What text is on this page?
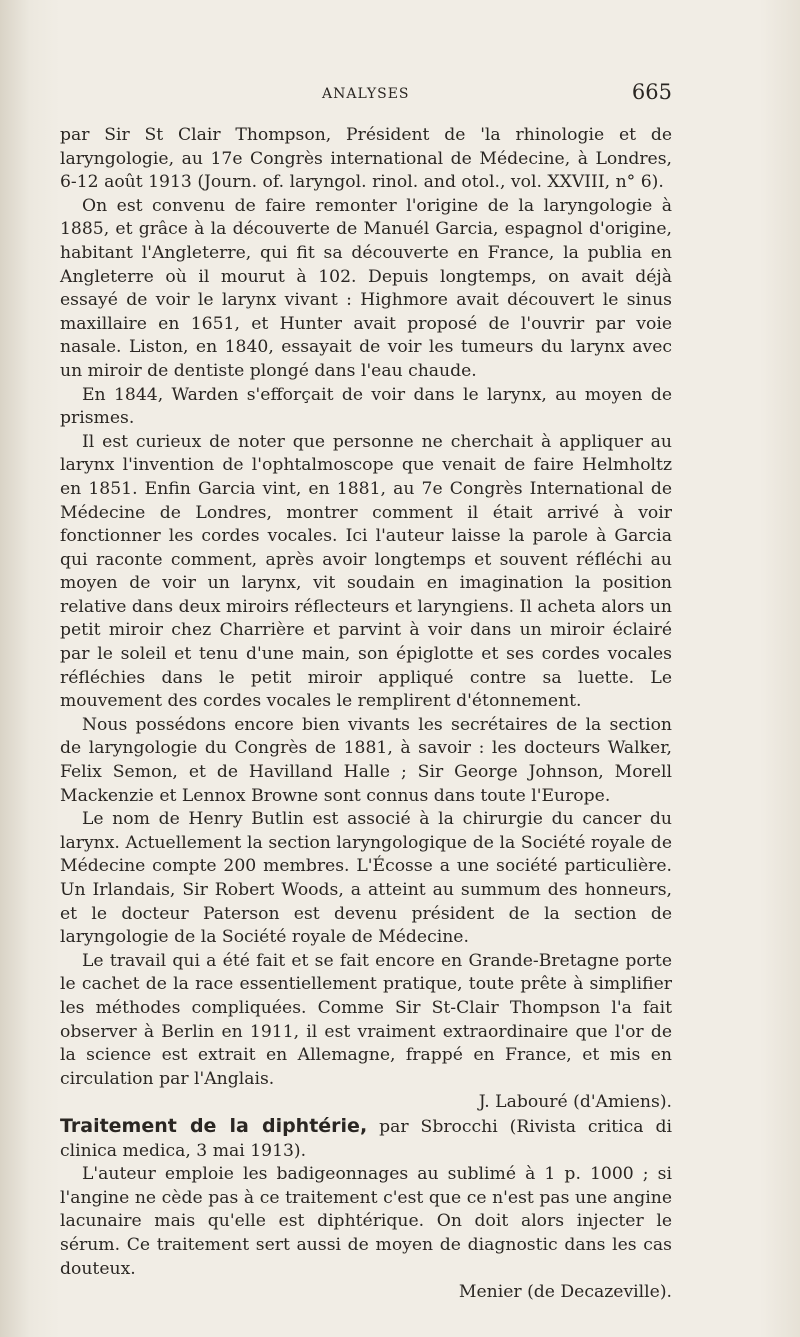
ANALYSES	665

par Sir St Clair Thompson, Président de 'la rhinologie et de laryngologie, au 17e Congrès international de Médecine, à Londres, 6-12 août 1913 (Journ. of. laryngol. rinol. and otol., vol. XXVIII, n° 6).

On est convenu de faire remonter l'origine de la laryngologie à 1885, et grâce à la découverte de Manuél Garcia, espagnol d'origine, habitant l'Angleterre, qui fit sa découverte en France, la publia en Angleterre où il mourut à 102. Depuis longtemps, on avait déjà essayé de voir le larynx vivant : Highmore avait découvert le sinus maxillaire en 1651, et Hunter avait proposé de l'ouvrir par voie nasale. Liston, en 1840, essayait de voir les tumeurs du larynx avec un miroir de dentiste plongé dans l'eau chaude.

En 1844, Warden s'efforçait de voir dans le larynx, au moyen de prismes.

Il est curieux de noter que personne ne cherchait à appliquer au larynx l'invention de l'ophtalmoscope que venait de faire Helmholtz en 1851. Enfin Garcia vint, en 1881, au 7e Congrès International de Médecine de Londres, montrer comment il était arrivé à voir fonctionner les cordes vocales. Ici l'auteur laisse la parole à Garcia qui raconte comment, après avoir longtemps et souvent réfléchi au moyen de voir un larynx, vit soudain en imagination la position relative dans deux miroirs réflecteurs et laryngiens. Il acheta alors un petit miroir chez Charrière et parvint à voir dans un miroir éclairé par le soleil et tenu d'une main, son épiglotte et ses cordes vocales réfléchies dans le petit miroir appliqué contre sa luette. Le mouvement des cordes vocales le remplirent d'étonnement.

Nous possédons encore bien vivants les secrétaires de la section de laryngologie du Congrès de 1881, à savoir : les docteurs Walker, Felix Semon, et de Havilland Halle ; Sir George Johnson, Morell Mackenzie et Lennox Browne sont connus dans toute l'Europe.

Le nom de Henry Butlin est associé à la chirurgie du cancer du larynx. Actuellement la section laryngologique de la Société royale de Médecine compte 200 membres. L'Écosse a une société particulière. Un Irlandais, Sir Robert Woods, a atteint au summum des honneurs, et le docteur Paterson est devenu président de la section de laryngologie de la Société royale de Médecine.

Le travail qui a été fait et se fait encore en Grande-Bretagne porte le cachet de la race essentiellement pratique, toute prête à simplifier les méthodes compliquées. Comme Sir St-Clair Thompson l'a fait observer à Berlin en 1911, il est vraiment extraordinaire que l'or de la science est extrait en Allemagne, frappé en France, et mis en circulation par l'Anglais.

J. Labouré (d'Amiens).

Traitement de la diphtérie, par Sbrocchi (Rivista critica di clinica medica, 3 mai 1913).

L'auteur emploie les badigeonnages au sublimé à 1 p. 1000 ; si l'angine ne cède pas à ce traitement c'est que ce n'est pas une angine lacunaire mais qu'elle est diphtérique. On doit alors injecter le sérum. Ce traitement sert aussi de moyen de diagnostic dans les cas douteux.

Menier (de Decazeville).
